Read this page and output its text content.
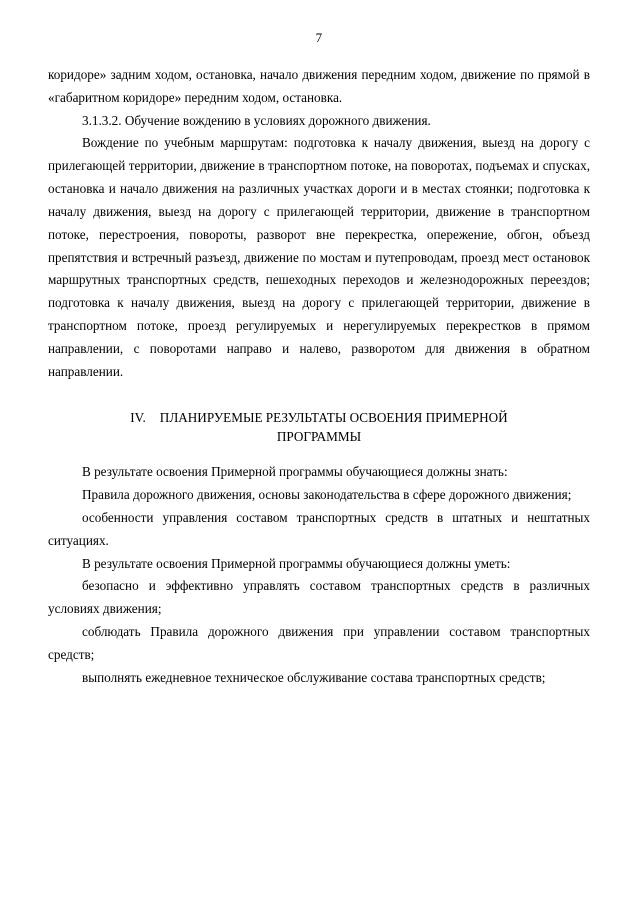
7

коридоре» задним ходом, остановка, начало движения передним ходом, движение по прямой в «габаритном коридоре» передним ходом, остановка.

3.1.3.2. Обучение вождению в условиях дорожного движения.

Вождение по учебным маршрутам: подготовка к началу движения, выезд на дорогу с прилегающей территории, движение в транспортном потоке, на поворотах, подъемах и спусках, остановка и начало движения на различных участках дороги и в местах стоянки; подготовка к началу движения, выезд на дорогу с прилегающей территории, движение в транспортном потоке, перестроения, повороты, разворот вне перекрестка, опережение, обгон, объезд препятствия и встречный разъезд, движение по мостам и путепроводам, проезд мест остановок маршрутных транспортных средств, пешеходных переходов и железнодорожных переездов; подготовка к началу движения, выезд на дорогу с прилегающей территории, движение в транспортном потоке, проезд регулируемых и нерегулируемых перекрестков в прямом направлении, с поворотами направо и налево, разворотом для движения в обратном направлении.

IV. ПЛАНИРУЕМЫЕ РЕЗУЛЬТАТЫ ОСВОЕНИЯ ПРИМЕРНОЙ
ПРОГРАММЫ

В результате освоения Примерной программы обучающиеся должны знать:

Правила дорожного движения, основы законодательства в сфере дорожного движения;

особенности управления составом транспортных средств в штатных и нештатных ситуациях.

В результате освоения Примерной программы обучающиеся должны уметь:

безопасно и эффективно управлять составом транспортных средств в различных условиях движения;

соблюдать Правила дорожного движения при управлении составом транспортных средств;

выполнять ежедневное техническое обслуживание состава транспортных средств;
